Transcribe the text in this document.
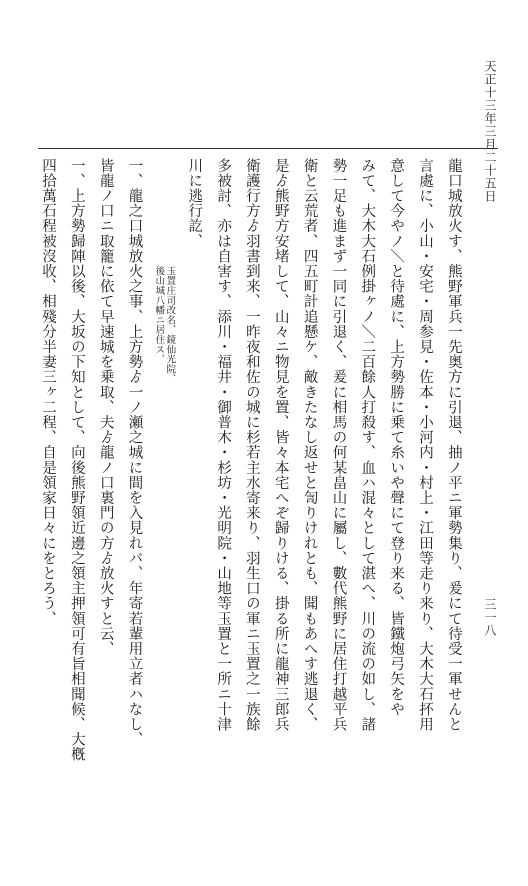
天正十三年三月二十五日
三一八
龍口城放火す、熊野軍兵一先奥方に引退、抽ノ平ニ軍勢集り、爰にて待受一軍せんと
言處に、小山・安宅・周参見・佐本・小河内・村上・江田等走り来り、大木大石抔用
意して今やノ＼と待處に、上方勢勝に乗て糸いや聲にて登り来る、皆鐵炮弓矢をや
みて、大木大石例掛ヶノ＼二百餘人打殺す、血ハ混々として湛へ、川の流の如し、諸
勢一足も進まず一同に引退く、爰に相馬の何某畠山に屬し、數代熊野に居住打越平兵
衛と云荒者、四五町計追懸ケ、敵きたなし返せと訇りけれとも、聞もあへす逃退く、
是ゟ熊野方安堵して、山々ニ物見を置、皆々本宅へぞ歸りける、掛る所に龍神三郎兵
衛護行方ゟ羽書到来、一昨夜和佐の城に杉若主水寄来り、羽生口の軍ニ玉置之一族餘
多被討、亦は自害す、添川・福井・御普木・杉坊・光明院・山地等玉置と一所ニ十津
川に逃行訖、
玉置庄司改名、鏡仙光院、
後山城八幡ニ居住ス、
一、龍之口城放火之事、上方勢ゟ一ノ瀬之城に間を入見れバ、年寄若輩用立者ハなし、
皆龍ノ口ニ取籠に依て早速城を乗取、夫ゟ龍ノ口裏門の方ゟ放火すと云、
一、上方勢歸陣以後、大坂の下知として、向後熊野領近邊之領主押領可有旨相聞候、大槪
四拾萬石程被沒收、相殘分半妻三ヶ二程、自是領家日々にをとろう、
